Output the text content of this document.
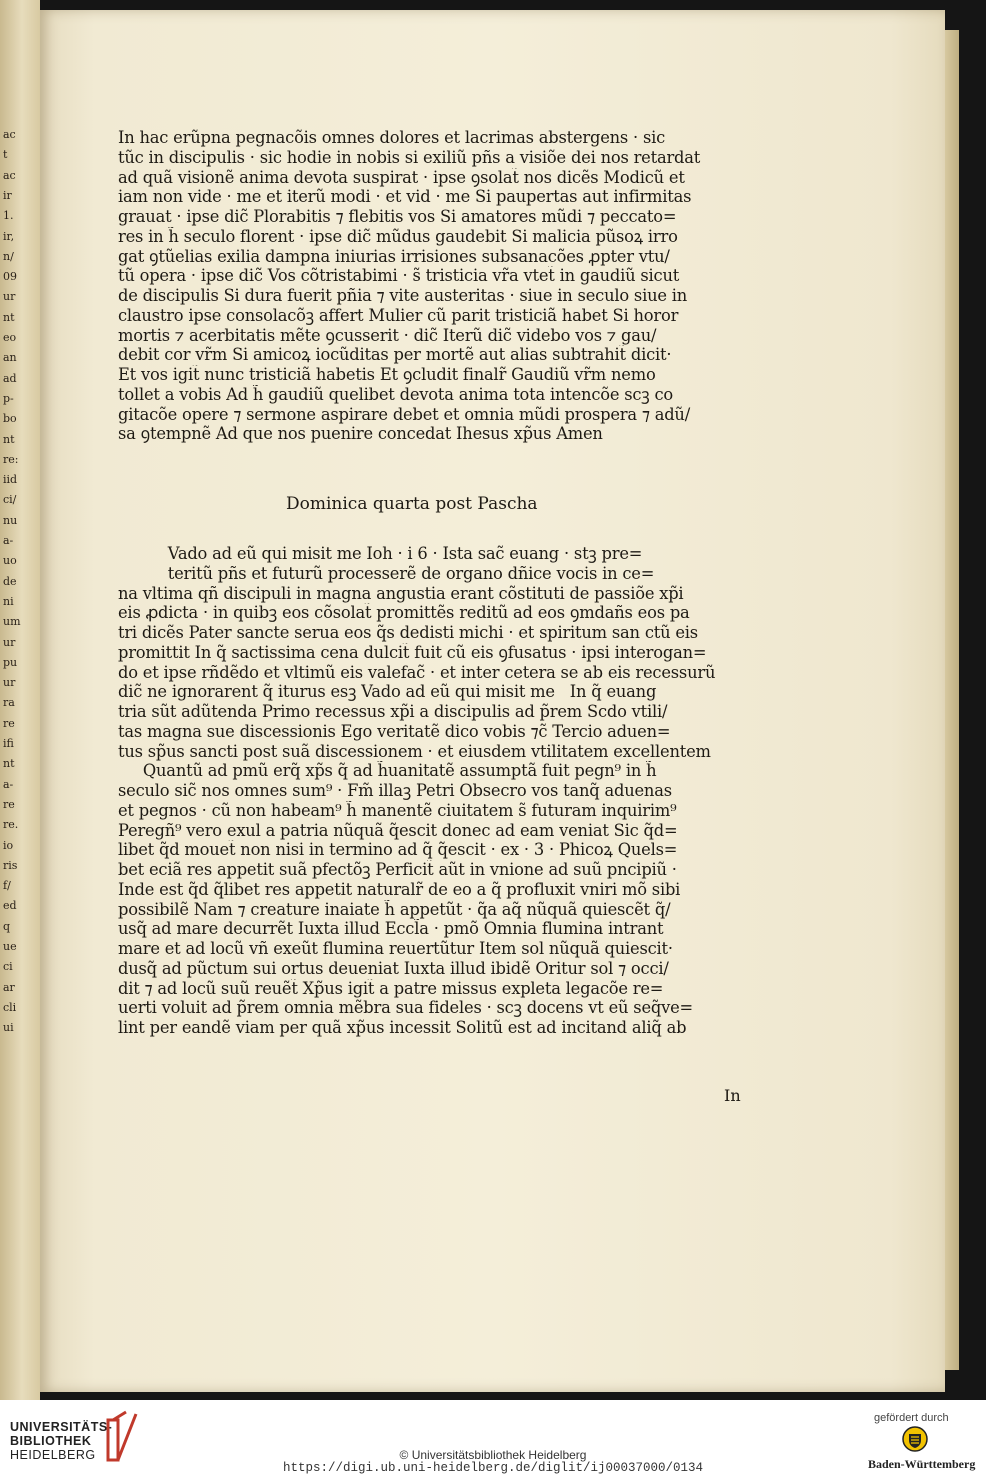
ac
t
ac
ir
1.
ir,
n/
09
ur
nt
eo
an
ad
p-
bo
nt
re:
iid
ci/
nu
a-
uo
de
ni
um
ur
pu
ur
ra
re
ifi
nt
a-
re
re.
io
ris
f/
ed
q
ue
ci
ar
cli
ui
In hac erũpna pegnacõis omnes dolores et lacrimas abstergens · sic
tũc in discipulis · sic hodie in nobis si exiliũ pñs a visiõe dei nos retardat
ad quã visionẽ anima devota suspirat · ipse ꝯsolat̃ nos dicẽs Modicũ et
iam non vide · me et iterũ modi · et vid · me Si paupertas aut infirmitas
grauat · ipse dic̃ Plorabitis ⁊ flebitis vos Si amatores mũdi ⁊ peccato=
res in h̃ seculo florent · ipse dic̃ mũdus gaudebit Si malicia pũsoꝝ irro
gat ꝯtũelias exilia dampna iniurias irrisiones subsanacões ꝓpter vtu/
tũ opera · ipse dic̃ Vos cõtristabimi · s̃ tristicia vr̃a vtet̃ in gaudiũ sicut
de discipulis Si dura fuerit pñia ⁊ vite austeritas · siue in seculo siue in
claustro ipse consolacõꝫ affert Mulier cũ parit tristiciã habet Si horor
mortis ⁊ acerbitatis mẽte ꝯcusserit · dic̃ Iterũ dic̃ videbo vos ⁊ gau/
debit cor vr̃m Si amicoꝝ iocũditas per mortẽ aut alias subtrahit̃ dicit·
Et vos igit̃ nunc tristiciã habetis Et ꝯcludit finalr̃ Gaudiũ vr̃m nemo
tollet a vobis Ad h̃ gaudiũ quelibet devota anima tota intencõe scꝫ co
gitacõe opere ⁊ sermone aspirare debet et omnia mũdi prospera ⁊ adũ/
sa ꝯtempnẽ Ad que nos puenire concedat Ihesus xp̃us Amen
Dominica quarta post Pascha
Vado ad eũ qui misit me Ioh · i 6 · Ista sac̃ euang · stꝫ pre=
teritũ pñs et futurũ processerẽ de organo dñice vocis in ce=
na vltima qñ discipuli in magna angustia erant cõstituti de passiõe xp̃i
eis ꝓdicta · in quibꝫ eos cõsolat̃ promittẽs reditũ ad eos ꝯmdañs eos pa
tri dicẽs Pater sancte serua eos q̃s dedisti michi · et spiritum san ctũ eis
promittit In q̃ sactissima cena dulcit̃ fuit cũ eis ꝯfusatus · ipsi interogan=
do et ipse rñdẽdo et vltimũ eis valefac̃ · et inter cetera se ab eis recessurũ
dic̃ ne ignorarent q̃ iturus esꝫ Vado ad eũ qui misit me   In q̃ euang
tria sũt adũtenda Primo recessus xp̃i a discipulis ad p̃rem Scdo vtili/
tas magna sue discessionis Ego veritatẽ dico vobis ⁊c̃ Tercio aduen=
tus sp̃us sancti post suã discessionem · et eiusdem vtilitatem excellentem
Quantũ ad pmũ erq̃ xp̃s q̃ ad h̃uanitatẽ assumptã fuit pegn⁹ in h̃
seculo sic̃ nos omnes sum⁹ · Fm̃ illaꝫ Petri Obsecro vos tanq̃ aduenas
et pegnos · cũ non habeam⁹ h̃ manentẽ ciuitatem s̃ futuram inquirim⁹
Peregñ⁹ vero exul a patria nũquã q̃escit donec ad eam veniat Sic q̃d=
libet q̃d mouet̃ non nisi in termino ad q̃ q̃escit · ex · 3 · Phicoꝝ Quels=
bet eciã res appetit suã pfectõꝫ Perficit̃ aũt in vnione ad suũ pncipiũ ·
Inde est q̃d q̃libet res appetit naturalr̃ de eo a q̃ profluxit vniri mõ sibi
possibilẽ Nam ⁊ creature inaiate h̃ appetũt · q̃a aq̃ nũquã quiescẽt q̃/
usq̃ ad mare decurrẽt Iuxta illud Eccl̃a · pmõ Omnia flumina intrant
mare et ad locũ vñ exeũt flumina reuertũtur Item sol nũquã quiescit·
dusq̃ ad pũctum sui ortus deueniat Iuxta illud ibidẽ Oritur sol ⁊ occi/
dit ⁊ ad locũ suũ reuẽt̃ Xp̃us igit̃ a patre missus expleta legacõe re=
uerti voluit ad p̃rem omnia mẽbra sua fideles · scꝫ docens vt eũ seq̃ve=
lint per eandẽ viam per quã xp̃us incessit Solitũ est ad incitand aliq̃ ab
In
UNIVERSITÄTS-
BIBLIOTHEK
HEIDELBERG	© Universitätsbibliothek Heidelberg
https://digi.ub.uni-heidelberg.de/diglit/ij00037000/0134
gefördert durch
Baden-Württemberg
